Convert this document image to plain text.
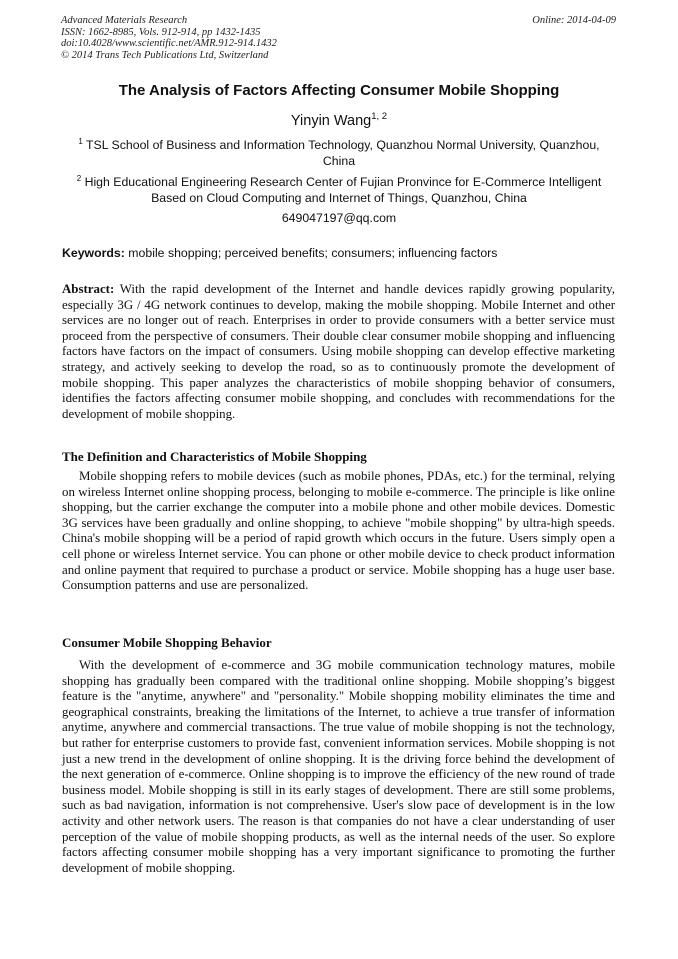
Advanced Materials Research
ISSN: 1662-8985, Vols. 912-914, pp 1432-1435
doi:10.4028/www.scientific.net/AMR.912-914.1432
© 2014 Trans Tech Publications Ltd, Switzerland
Online: 2014-04-09
The Analysis of Factors Affecting Consumer Mobile Shopping
Yinyin Wang$^{1, 2}$
$^1$ TSL School of Business and Information Technology, Quanzhou Normal University, Quanzhou, China
$^2$ High Educational Engineering Research Center of Fujian Pronvince for E-Commerce Intelligent Based on Cloud Computing and Internet of Things, Quanzhou, China
649047197@qq.com
Keywords: mobile shopping; perceived benefits; consumers; influencing factors
Abstract: With the rapid development of the Internet and handle devices rapidly growing popularity, especially 3G / 4G network continues to develop, making the mobile shopping. Mobile Internet and other services are no longer out of reach. Enterprises in order to provide consumers with a better service must proceed from the perspective of consumers. Their double clear consumer mobile shopping and influencing factors have factors on the impact of consumers. Using mobile shopping can develop effective marketing strategy, and actively seeking to develop the road, so as to continuously promote the development of mobile shopping. This paper analyzes the characteristics of mobile shopping behavior of consumers, identifies the factors affecting consumer mobile shopping, and concludes with recommendations for the development of mobile shopping.
The Definition and Characteristics of Mobile Shopping
Mobile shopping refers to mobile devices (such as mobile phones, PDAs, etc.) for the terminal, relying on wireless Internet online shopping process, belonging to mobile e-commerce. The principle is like online shopping, but the carrier exchange the computer into a mobile phone and other mobile devices. Domestic 3G services have been gradually and online shopping, to achieve "mobile shopping" by ultra-high speeds. China's mobile shopping will be a period of rapid growth which occurs in the future. Users simply open a cell phone or wireless Internet service. You can phone or other mobile device to check product information and online payment that required to purchase a product or service. Mobile shopping has a huge user base. Consumption patterns and use are personalized.
Consumer Mobile Shopping Behavior
With the development of e-commerce and 3G mobile communication technology matures, mobile shopping has gradually been compared with the traditional online shopping. Mobile shopping’s biggest feature is the "anytime, anywhere" and "personality." Mobile shopping mobility eliminates the time and geographical constraints, breaking the limitations of the Internet, to achieve a true transfer of information anytime, anywhere and commercial transactions. The true value of mobile shopping is not the technology, but rather for enterprise customers to provide fast, convenient information services. Mobile shopping is not just a new trend in the development of online shopping. It is the driving force behind the development of the next generation of e-commerce. Online shopping is to improve the efficiency of the new round of trade business model. Mobile shopping is still in its early stages of development. There are still some problems, such as bad navigation, information is not comprehensive. User's slow pace of development is in the low activity and other network users. The reason is that companies do not have a clear understanding of user perception of the value of mobile shopping products, as well as the internal needs of the user. So explore factors affecting consumer mobile shopping has a very important significance to promoting the further development of mobile shopping.
